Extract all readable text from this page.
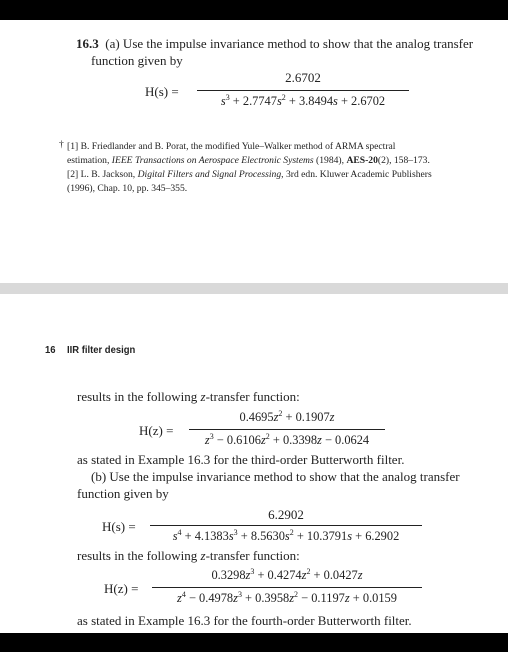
16.3 (a) Use the impulse invariance method to show that the analog transfer
function given by
H(s) =
2.6702
$s^3 + 2.7747s^2 + 3.8494s + 2.6702$
† [1] B. Friedlander and B. Porat, the modified Yule–Walker method of ARMA spectral
estimation, IEEE Transactions on Aerospace Electronic Systems (1984), AES-20(2), 158–173.
[2] L. B. Jackson, Digital Filters and Signal Processing, 3rd edn. Kluwer Academic Publishers
(1996), Chap. 10, pp. 345–355.
16 IIR filter design
results in the following z-transfer function:
H(z) =
$0.4695z^2 + 0.1907z$
$z^3 - 0.6106z^2 + 0.3398z - 0.0624$
as stated in Example 16.3 for the third-order Butterworth filter.
(b) Use the impulse invariance method to show that the analog transfer
function given by
H(s) =
6.2902
$s^4 + 4.1383s^3 + 8.5630s^2 + 10.3791s + 6.2902$
results in the following z-transfer function:
H(z) =
$0.3298z^3 + 0.4274z^2 + 0.0427z$
$z^4 - 0.4978z^3 + 0.3958z^2 - 0.1197z + 0.0159$
as stated in Example 16.3 for the fourth-order Butterworth filter.
